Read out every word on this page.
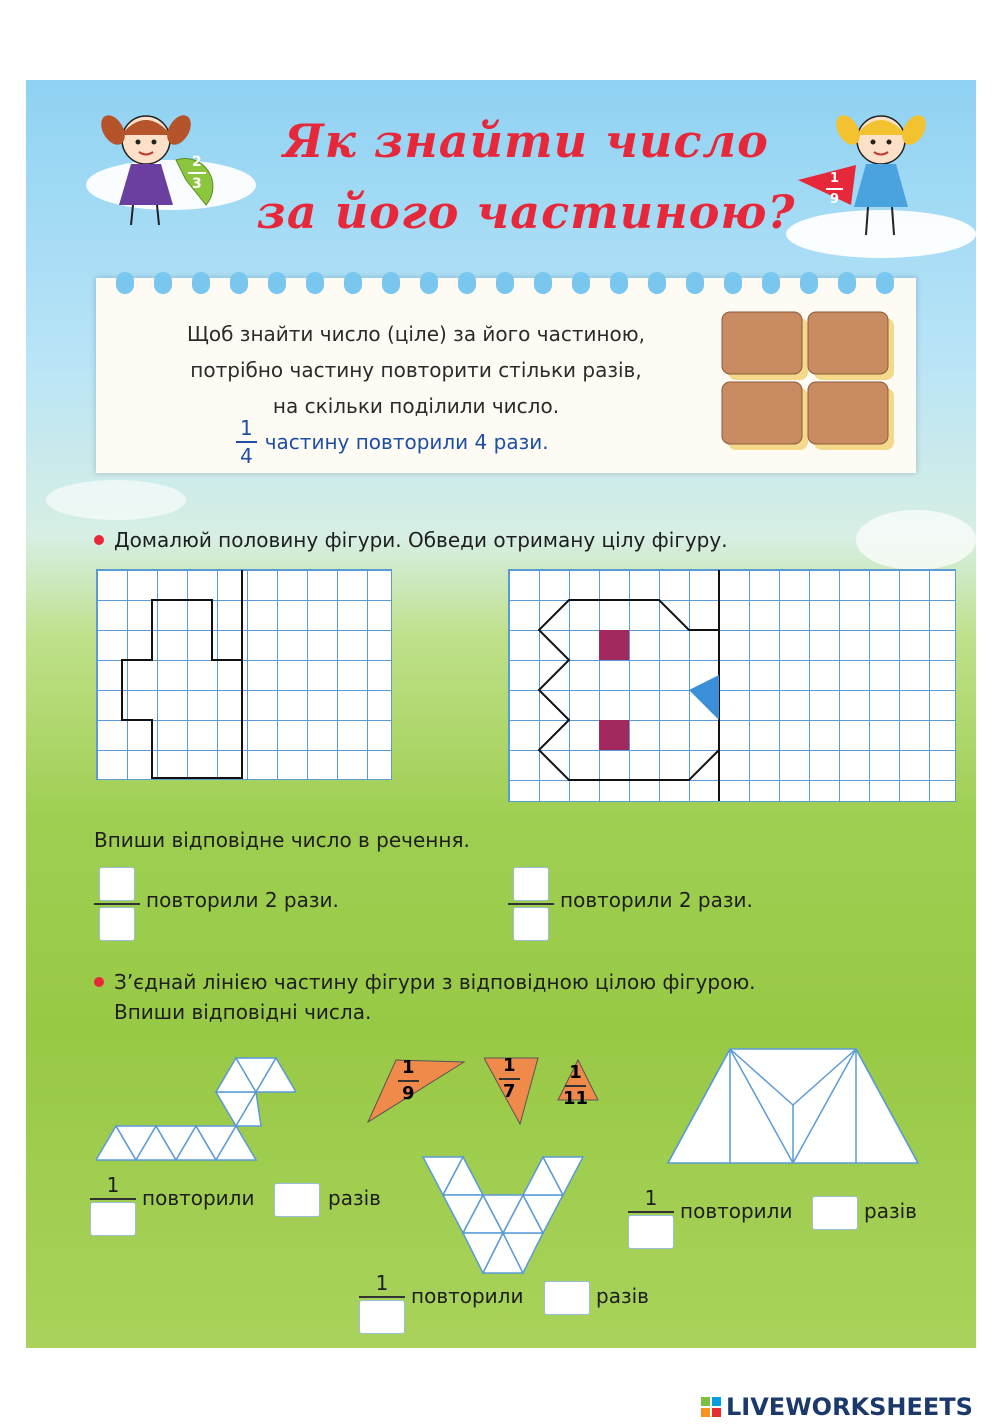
$\frac{2}{3}$	$\frac{1}{9}$
Як знайти число
за його частиною?
Щоб знайти число (ціле) за його частиною,
потрібно частину повторити стільки разів,
на скільки поділили число.
$\frac{1}{4}$ частину повторили 4 рази.
Домалюй половину фігури. Обведи отриману цілу фігуру.
Впиши відповідне число в речення.
повторили 2 рази.	повторили 2 рази.
З’єднай лінією частину фігури з відповідною цілою фігурою.
Впиши відповідні числа.
$\frac{1}{9}$	$\frac{1}{7} \frac{1}{11}$
1
повторили	разів	1
повторили	разів
1
повторили	разів
LIVEWORKSHEETS
